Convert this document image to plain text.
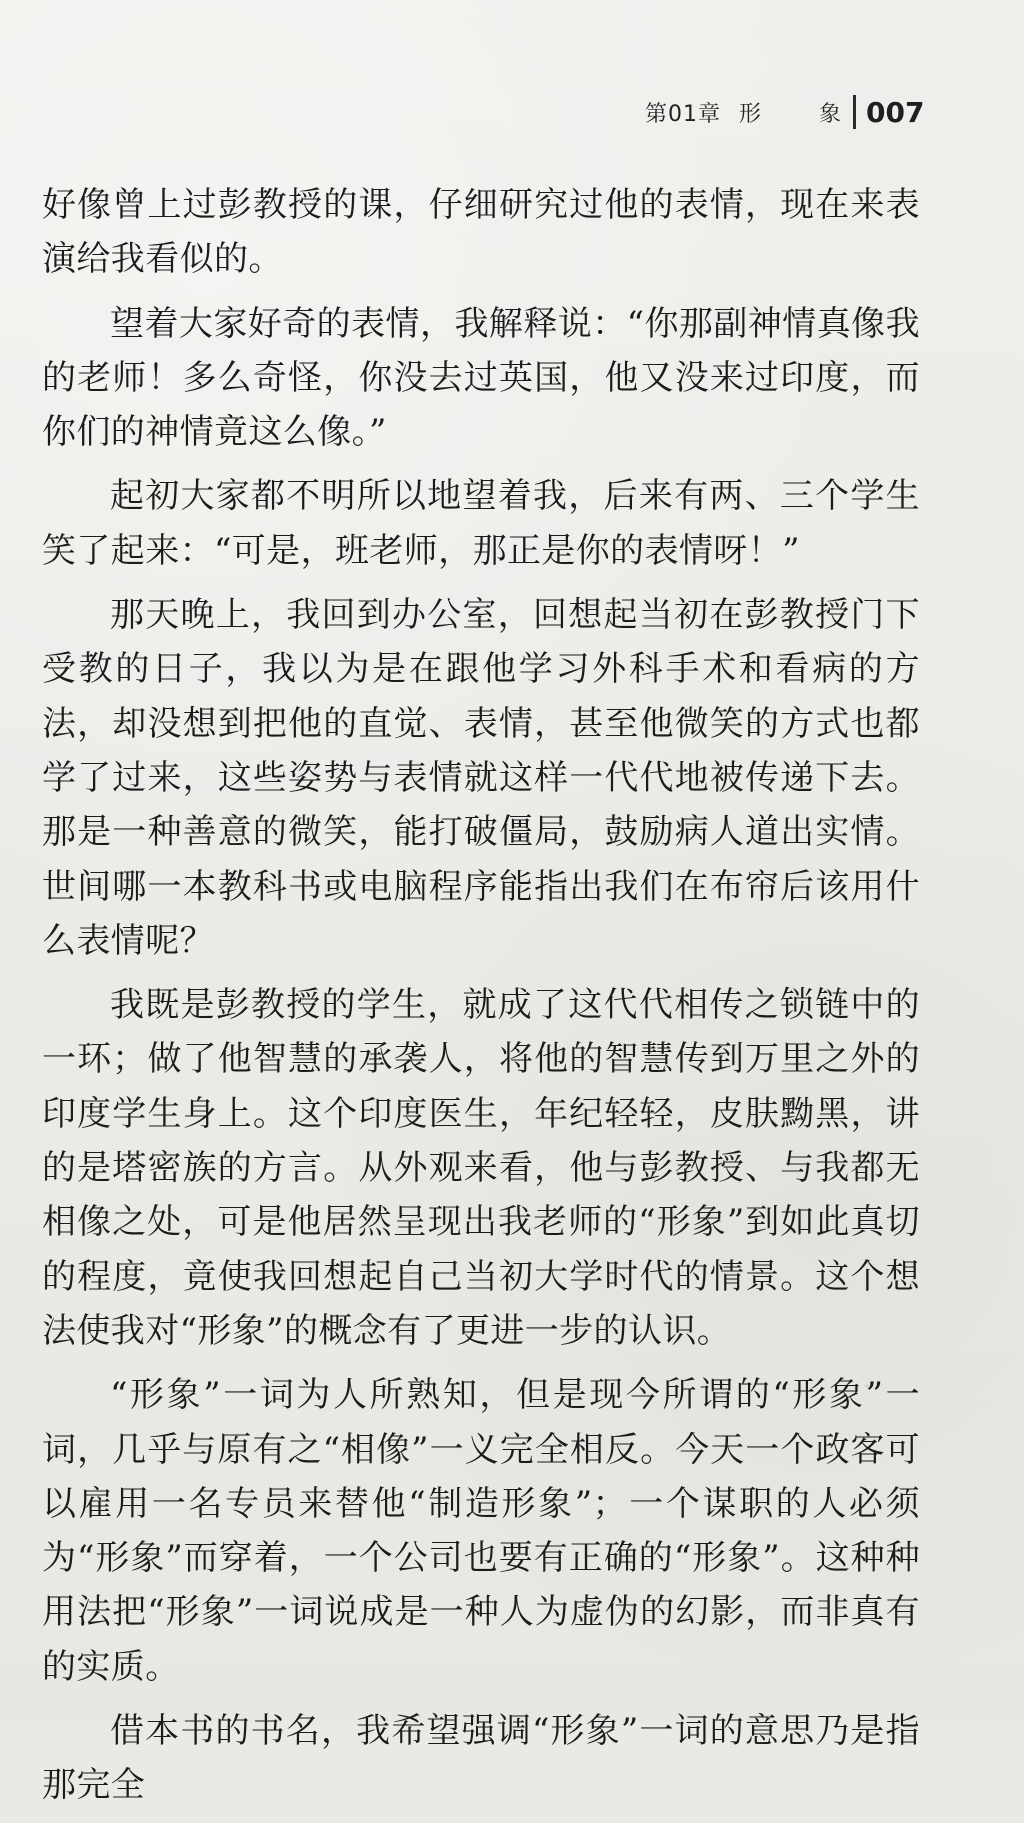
第01章 形	象 007

好像曾上过彭教授的课，仔细研究过他的表情，现在来表演给我看似的。

望着大家好奇的表情，我解释说：“你那副神情真像我的老师！多么奇怪，你没去过英国，他又没来过印度，而你们的神情竟这么像。”

起初大家都不明所以地望着我，后来有两、三个学生笑了起来：“可是，班老师，那正是你的表情呀！”

那天晚上，我回到办公室，回想起当初在彭教授门下受教的日子，我以为是在跟他学习外科手术和看病的方法，却没想到把他的直觉、表情，甚至他微笑的方式也都学了过来，这些姿势与表情就这样一代代地被传递下去。那是一种善意的微笑，能打破僵局，鼓励病人道出实情。世间哪一本教科书或电脑程序能指出我们在布帘后该用什么表情呢？

我既是彭教授的学生，就成了这代代相传之锁链中的一环；做了他智慧的承袭人，将他的智慧传到万里之外的印度学生身上。这个印度医生，年纪轻轻，皮肤黝黑，讲的是塔密族的方言。从外观来看，他与彭教授、与我都无相像之处，可是他居然呈现出我老师的“形象”到如此真切的程度，竟使我回想起自己当初大学时代的情景。这个想法使我对“形象”的概念有了更进一步的认识。

“形象”一词为人所熟知，但是现今所谓的“形象”一词，几乎与原有之“相像”一义完全相反。今天一个政客可以雇用一名专员来替他“制造形象”；一个谋职的人必须为“形象”而穿着，一个公司也要有正确的“形象”。这种种用法把“形象”一词说成是一种人为虚伪的幻影，而非真有的实质。

借本书的书名，我希望强调“形象”一词的意思乃是指那完全
